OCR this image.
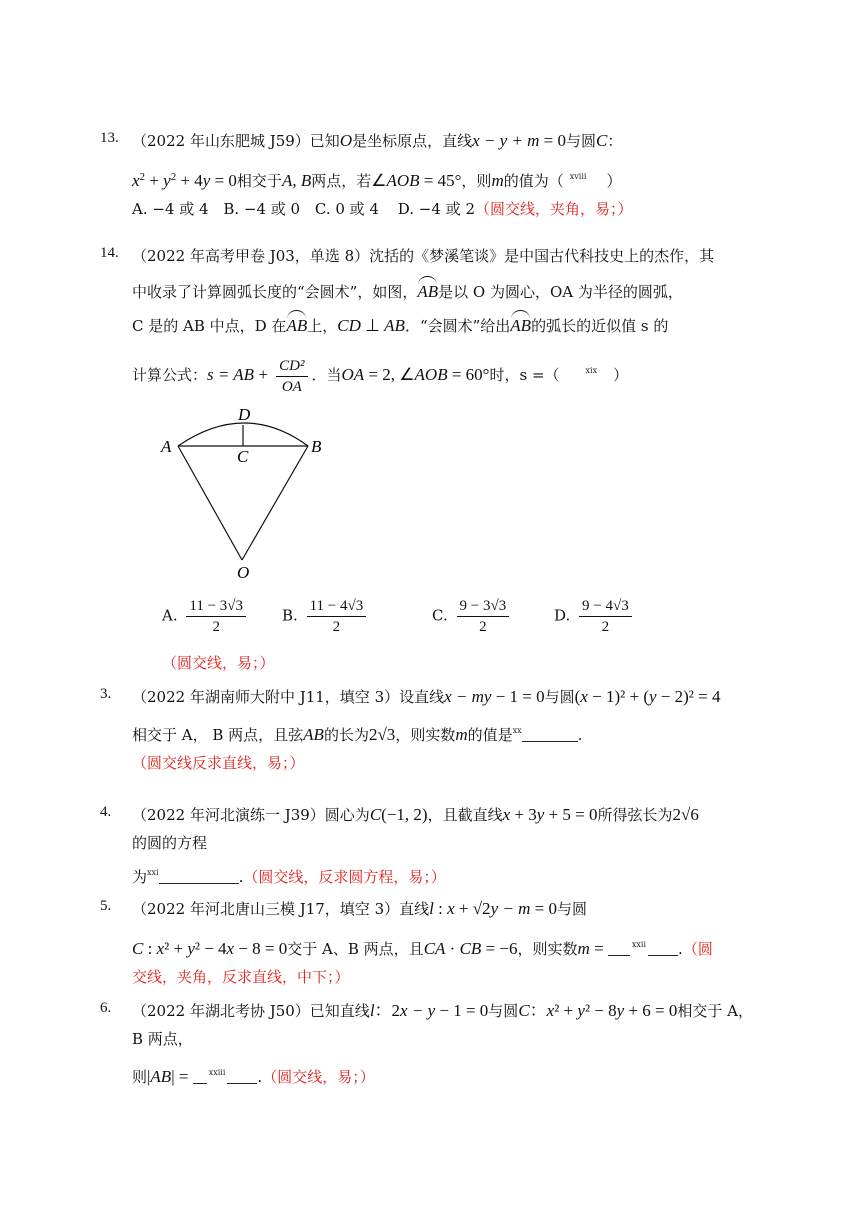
13. （2022 年山东肥城 J59）已知O是坐标原点，直线x − y + m = 0与圆C：
$x^2 + y^2 + 4y = 0$相交于A, B两点，若∠AOB = 45°，则m的值为（ $^{xviii}$ ）
A. −4 或 4 B. −4 或 0 C. 0 或 4 D. −4 或 2（圆交线，夹角，易；）
14. （2022 年高考甲卷 J03，单选 8）沈括的《梦溪笔谈》是中国古代科技史上的杰作，其
中收录了计算圆弧长度的“会圆术”，如图，AB是以 O 为圆心，OA 为半径的圆弧，
C 是的 AB 中点，D 在AB上，CD ⊥ AB．“会圆术”给出AB的弧长的近似值 s 的
计算公式：s = AB + $\frac{\text{CD²}}{OA}$ ．当OA = 2, ∠AOB = 60°时，s =（	$^{xix}$ ）
D
A
C
B
O
A. $\frac{11 - 3√3}{2} B$. $\frac{11 - 4√3}{2}$	C. $\frac{9 - 3√3}{2}$	D. $\frac{9 - 4√3}{2}$
（圆交线，易；）
3. （2022 年湖南师大附中 J11，填空 3）设直线x − my − 1 = 0与圆(x − 1)² + (y − 2)² = 4
相交于 A， B 两点，且弦AB的长为2√3，则实数m的值是$^{xx}$	.
（圆交线反求直线，易；）
4. （2022 年河北演练一 J39）圆心为C(−1, 2)，且截直线x + 3y + 5 = 0所得弦长为2√6
的圆的方程
为$^{xxi}$	.（圆交线，反求圆方程，易；）
5. （2022 年河北唐山三模 J17，填空 3）直线l : x + √2y − m = 0与圆
C : x² + y² − 4x − 8 = 0交于 A、B 两点，且CA · CB = −6，则实数m =	$^{xxii}$ .（圆
交线，夹角，反求直线，中下；）
6. （2022 年湖北考协 J50）已知直线l：2x − y − 1 = 0与圆C：x² + y² − 8y + 6 = 0相交于 A，
B 两点，
则|AB| = $^{xxiii}$ .（圆交线，易；）
